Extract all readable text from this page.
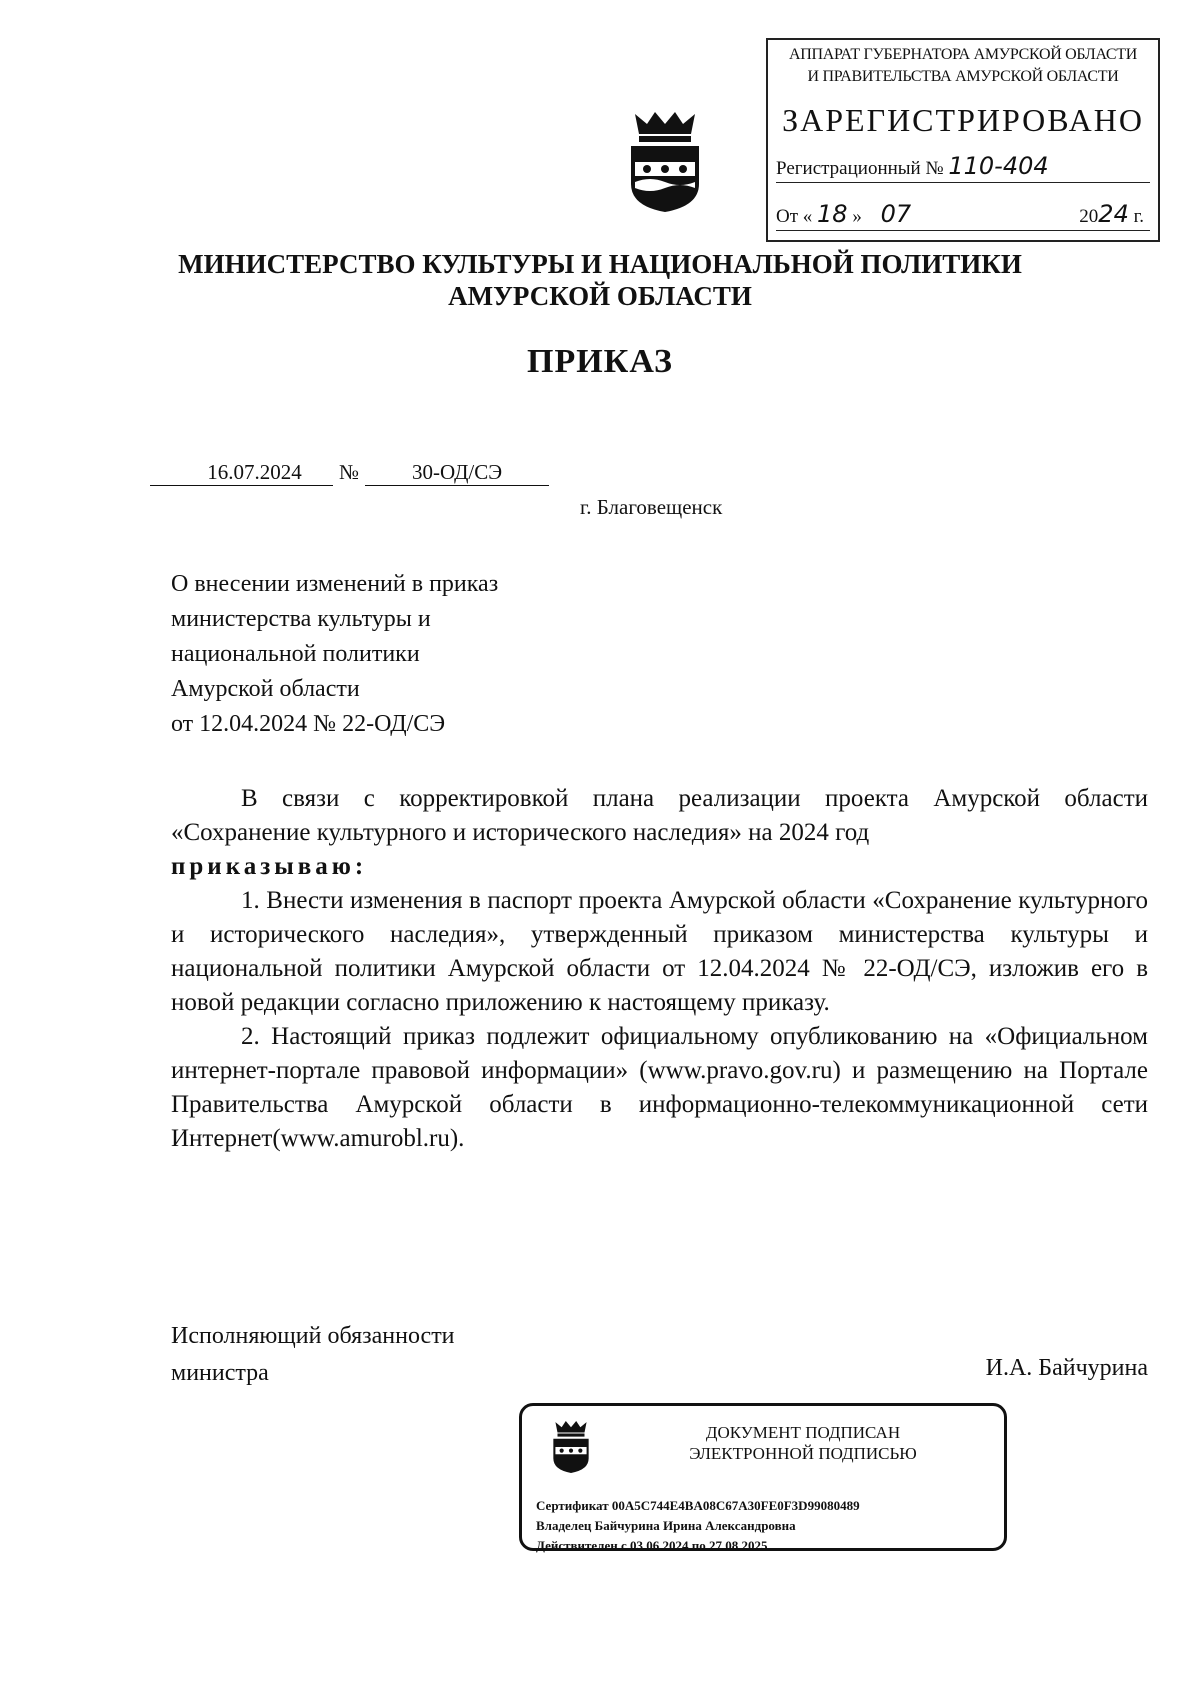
АППАРАТ ГУБЕРНАТОРА АМУРСКОЙ ОБЛАСТИ
И ПРАВИТЕЛЬСТВА АМУРСКОЙ ОБЛАСТИ
ЗАРЕГИСТРИРОВАНО
Регистрационный № 110-404
От « 18 » 07	2024 г.
МИНИСТЕРСТВО КУЛЬТУРЫ И НАЦИОНАЛЬНОЙ ПОЛИТИКИ
АМУРСКОЙ ОБЛАСТИ
ПРИКАЗ
16.07.2024 №	30-ОД/СЭ
г. Благовещенск
О внесении изменений в приказ
министерства культуры и
национальной политики
Амурской области
от 12.04.2024 № 22-ОД/СЭ

В связи с корректировкой плана реализации проекта Амурской области «Сохранение культурного и исторического наследия» на 2024 год

приказываю:

1. Внести изменения в паспорт проекта Амурской области «Сохранение культурного и исторического наследия», утвержденный приказом министерства культуры и национальной политики Амурской области от 12.04.2024 № 22-ОД/СЭ, изложив его в новой редакции согласно приложению к настоящему приказу.

2. Настоящий приказ подлежит официальному опубликованию на «Официальном интернет-портале правовой информации» (www.pravo.gov.ru) и размещению на Портале Правительства Амурской области в информационно-телекоммуникационной сети Интернет(www.amurobl.ru).

Исполняющий обязанности
министра	И.А. Байчурина
ДОКУМЕНТ ПОДПИСАН
ЭЛЕКТРОННОЙ ПОДПИСЬЮ
Сертификат 00A5C744E4BA08C67A30FE0F3D99080489
Владелец Байчурина Ирина Александровна
Действителен с 03.06.2024 по 27.08.2025
